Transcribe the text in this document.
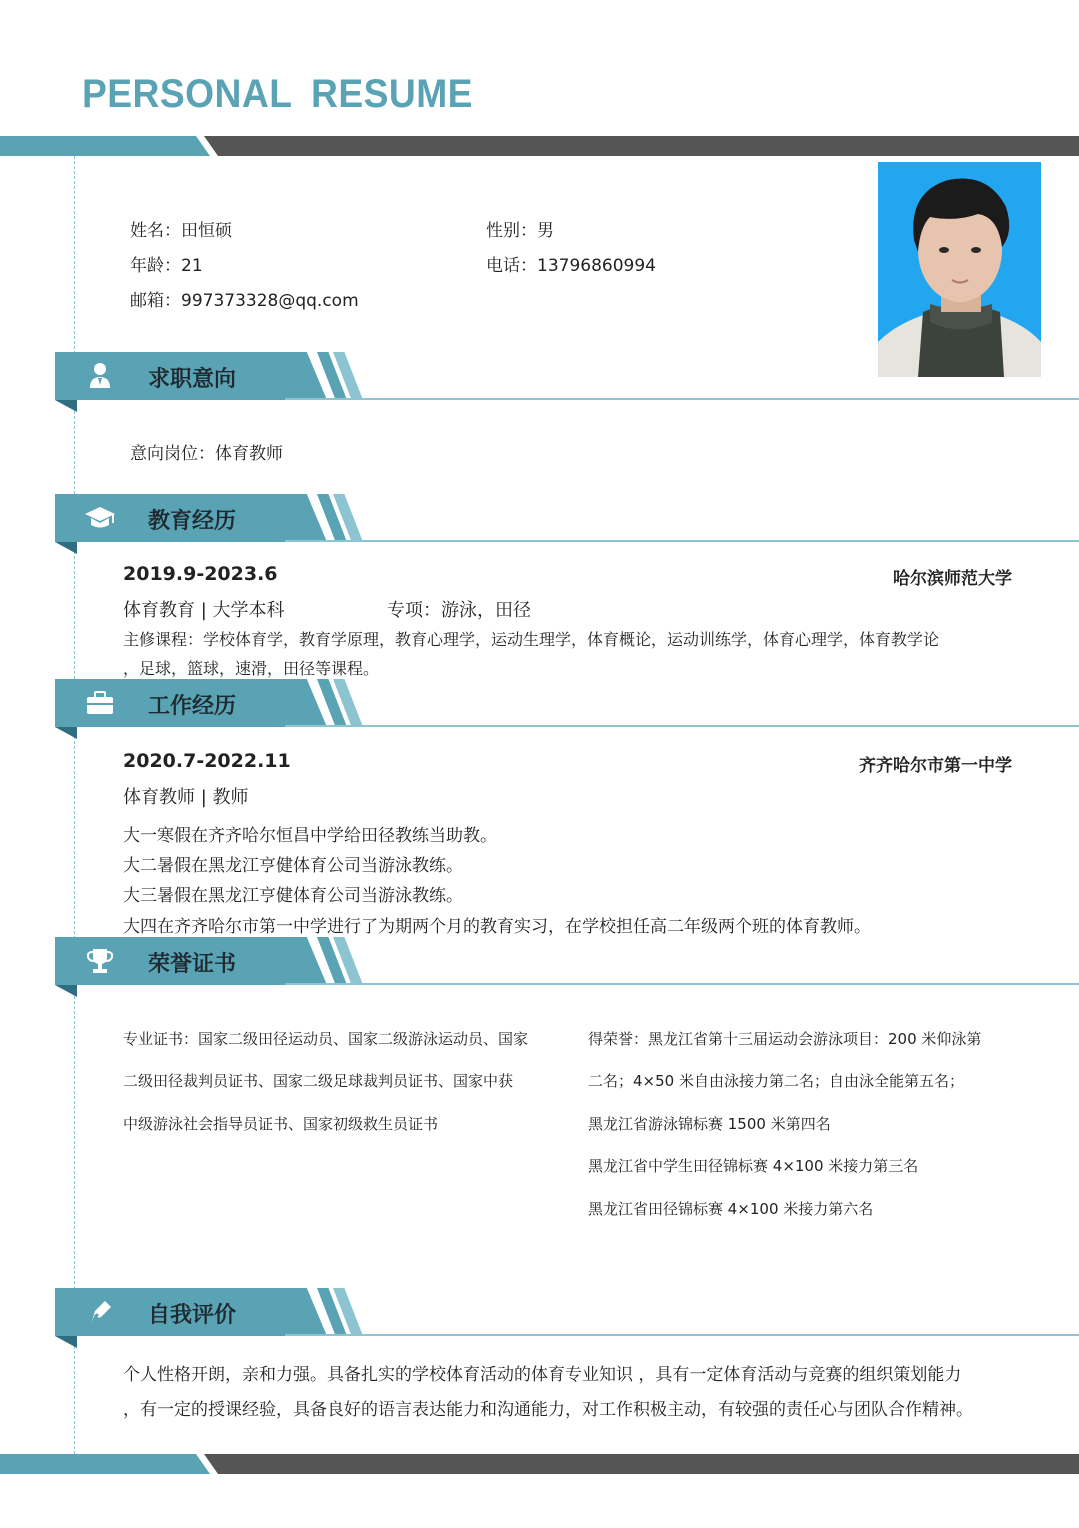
PERSONAL RESUME
姓名：田恒硕	性别：男
年龄：21	电话：13796860994
邮箱：997373328@qq.com
求职意向
意向岗位：体育教师
教育经历
2019.9-2023.6	哈尔滨师范大学
体育教育 | 大学本科	专项：游泳，田径
主修课程：学校体育学，教育学原理，教育心理学，运动生理学，体育概论，运动训练学，体育心理学，体育教学论
，足球，篮球，速滑，田径等课程。
工作经历
2020.7-2022.11	齐齐哈尔市第一中学
体育教师 | 教师
大一寒假在齐齐哈尔恒昌中学给田径教练当助教。
大二暑假在黑龙江亨健体育公司当游泳教练。
大三暑假在黑龙江亨健体育公司当游泳教练。
大四在齐齐哈尔市第一中学进行了为期两个月的教育实习，在学校担任高二年级两个班的体育教师。
荣誉证书
专业证书：国家二级田径运动员、国家二级游泳运动员、国家
二级田径裁判员证书、国家二级足球裁判员证书、国家中获
中级游泳社会指导员证书、国家初级救生员证书
得荣誉：黑龙江省第十三届运动会游泳项目：200 米仰泳第
二名；4×50 米自由泳接力第二名；自由泳全能第五名；
黑龙江省游泳锦标赛 1500 米第四名
黑龙江省中学生田径锦标赛 4×100 米接力第三名
黑龙江省田径锦标赛 4×100 米接力第六名
自我评价
个人性格开朗，亲和力强。具备扎实的学校体育活动的体育专业知识 ，具有一定体育活动与竞赛的组织策划能力
，有一定的授课经验，具备良好的语言表达能力和沟通能力，对工作积极主动，有较强的责任心与团队合作精神。
